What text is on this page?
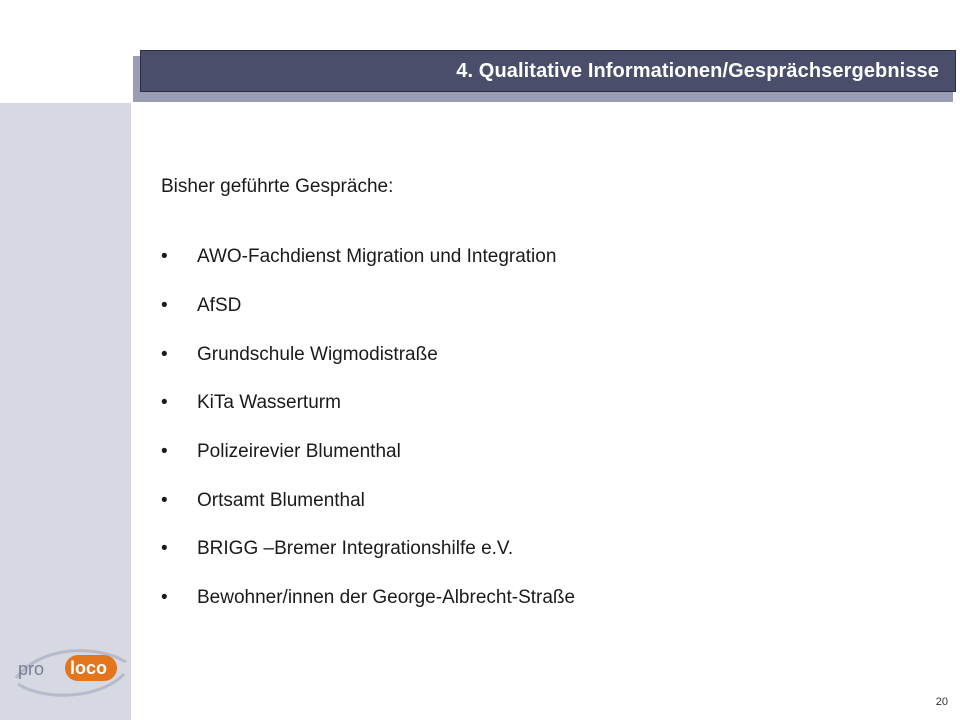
4. Qualitative Informationen/Gesprächsergebnisse

Bisher geführte Gespräche:

•	AWO-Fachdienst Migration und Integration
•	AfSD
•	Grundschule Wigmodistraße
•	KiTa Wasserturm
•	Polizeirevier Blumenthal
•	Ortsamt Blumenthal
•	BRIGG –Bremer Integrationshilfe e.V.
•	Bewohner/innen der George-Albrecht-Straße
pro loco
20
